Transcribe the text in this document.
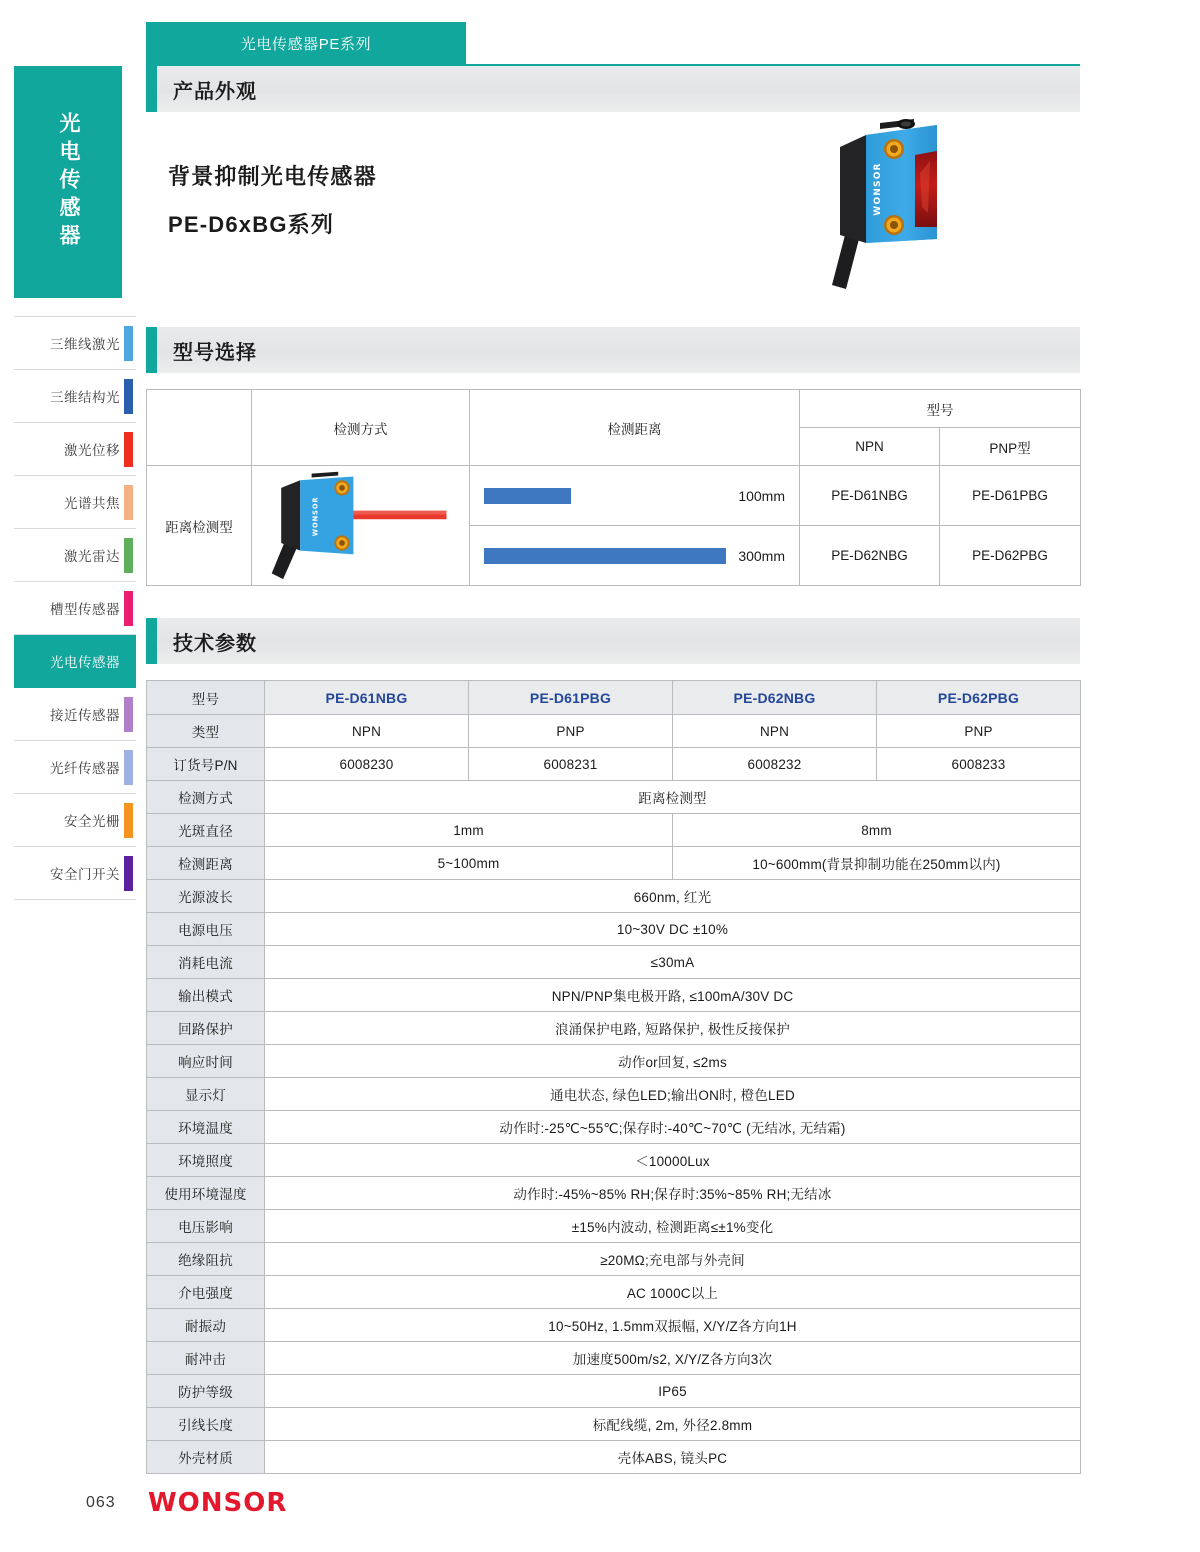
光电传感器
三维线激光
三维结构光
激光位移
光谱共焦
激光雷达
槽型传感器
光电传感器
接近传感器
光纤传感器
安全光栅
安全门开关
光电传感器PE系列
产品外观
背景抑制光电传感器
PE-D6xBG系列
WONSOR
型号选择
	检测方式	检测距离	型号	
			NPN	PNP型
距离检测型	WONSOR	100mm	PE-D61NBG	PE-D61PBG

		300mm	PE-D62NBG	PE-D62PBG
技术参数
型号	PE-D61NBG	PE-D61PBG	PE-D62NBG	PE-D62PBG
类型	NPN	PNP	NPN	PNP
订货号P/N	6008230	6008231	6008232	6008233
检测方式	距离检测型			
光斑直径	1mm		8mm	
检测距离	5~100mm		10~600mm(背景抑制功能在250mm以内)	
光源波长	660nm, 红光			
电源电压	10~30V DC ±10%			
消耗电流	≤30mA			
输出模式	NPN/PNP集电极开路, ≤100mA/30V DC			
回路保护	浪涌保护电路, 短路保护, 极性反接保护			
响应时间	动作or回复, ≤2ms			
显示灯	通电状态, 绿色LED;输出ON时, 橙色LED			
环境温度	动作时:-25℃~55℃;保存时:-40℃~70℃ (无结冰, 无结霜)			
环境照度	＜10000Lux			
使用环境湿度	动作时:-45%~85% RH;保存时:35%~85% RH;无结冰			
电压影响	±15%内波动, 检测距离≤±1%变化			
绝缘阻抗	≥20MΩ;充电部与外壳间			
介电强度	AC 1000C以上			
耐振动	10~50Hz, 1.5mm双振幅, X/Y/Z各方向1H			
耐冲击	加速度500m/s2, X/Y/Z各方向3次			
防护等级	IP65			
引线长度	标配线缆, 2m, 外径2.8mm			
外壳材质	壳体ABS, 镜头PC			
063 WONSOR
